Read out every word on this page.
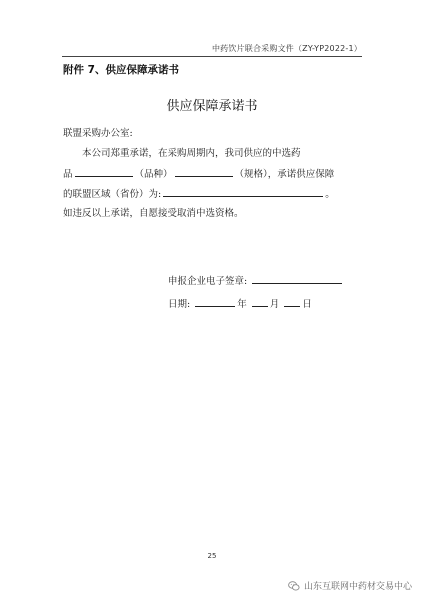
中药饮片联合采购文件（ZY-YP2022-1）
附件 7、供应保障承诺书
供应保障承诺书
联盟采购办公室:
本公司郑重承诺，在采购周期内，我司供应的中选药
品	（品种）	（规格），承诺供应保障
的联盟区域（省份）为:	。
如违反以上承诺，自愿接受取消中选资格。
申报企业电子签章:
日期:	年 月 日
25
山东互联网中药材交易中心
